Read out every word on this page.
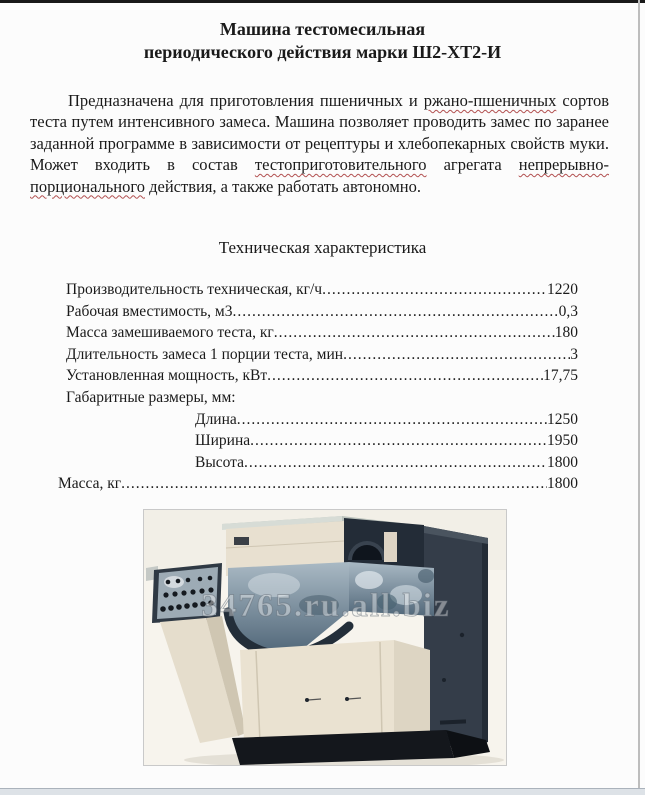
Машина тестомесильная
периодического действия марки Ш2-ХТ2-И

Предназначена для приготовления пшеничных и ржано-пшеничных сортов теста путем интенсивного замеса. Машина позволяет проводить замес по заранее заданной программе в зависимости от рецептуры и хлебопекарных свойств муки. Может входить в состав тестоприготовительного агрегата непрерывно-порционального действия, а также работать автономно.

Техническая характеристика
Производительность техническая, кг/ч .....	1220
Рабочая вместимость, м3 .....	0,3
Масса замешиваемого теста, кг .....	180
Длительность замеса 1 порции теста, мин .....	3
Установленная мощность, кВт .....	17,75
Габаритные размеры, мм:
Длина .....	1250
Ширина .....	1950
Высота .....	1800
Масса, кг .....	1800
34765.ru.all.biz
